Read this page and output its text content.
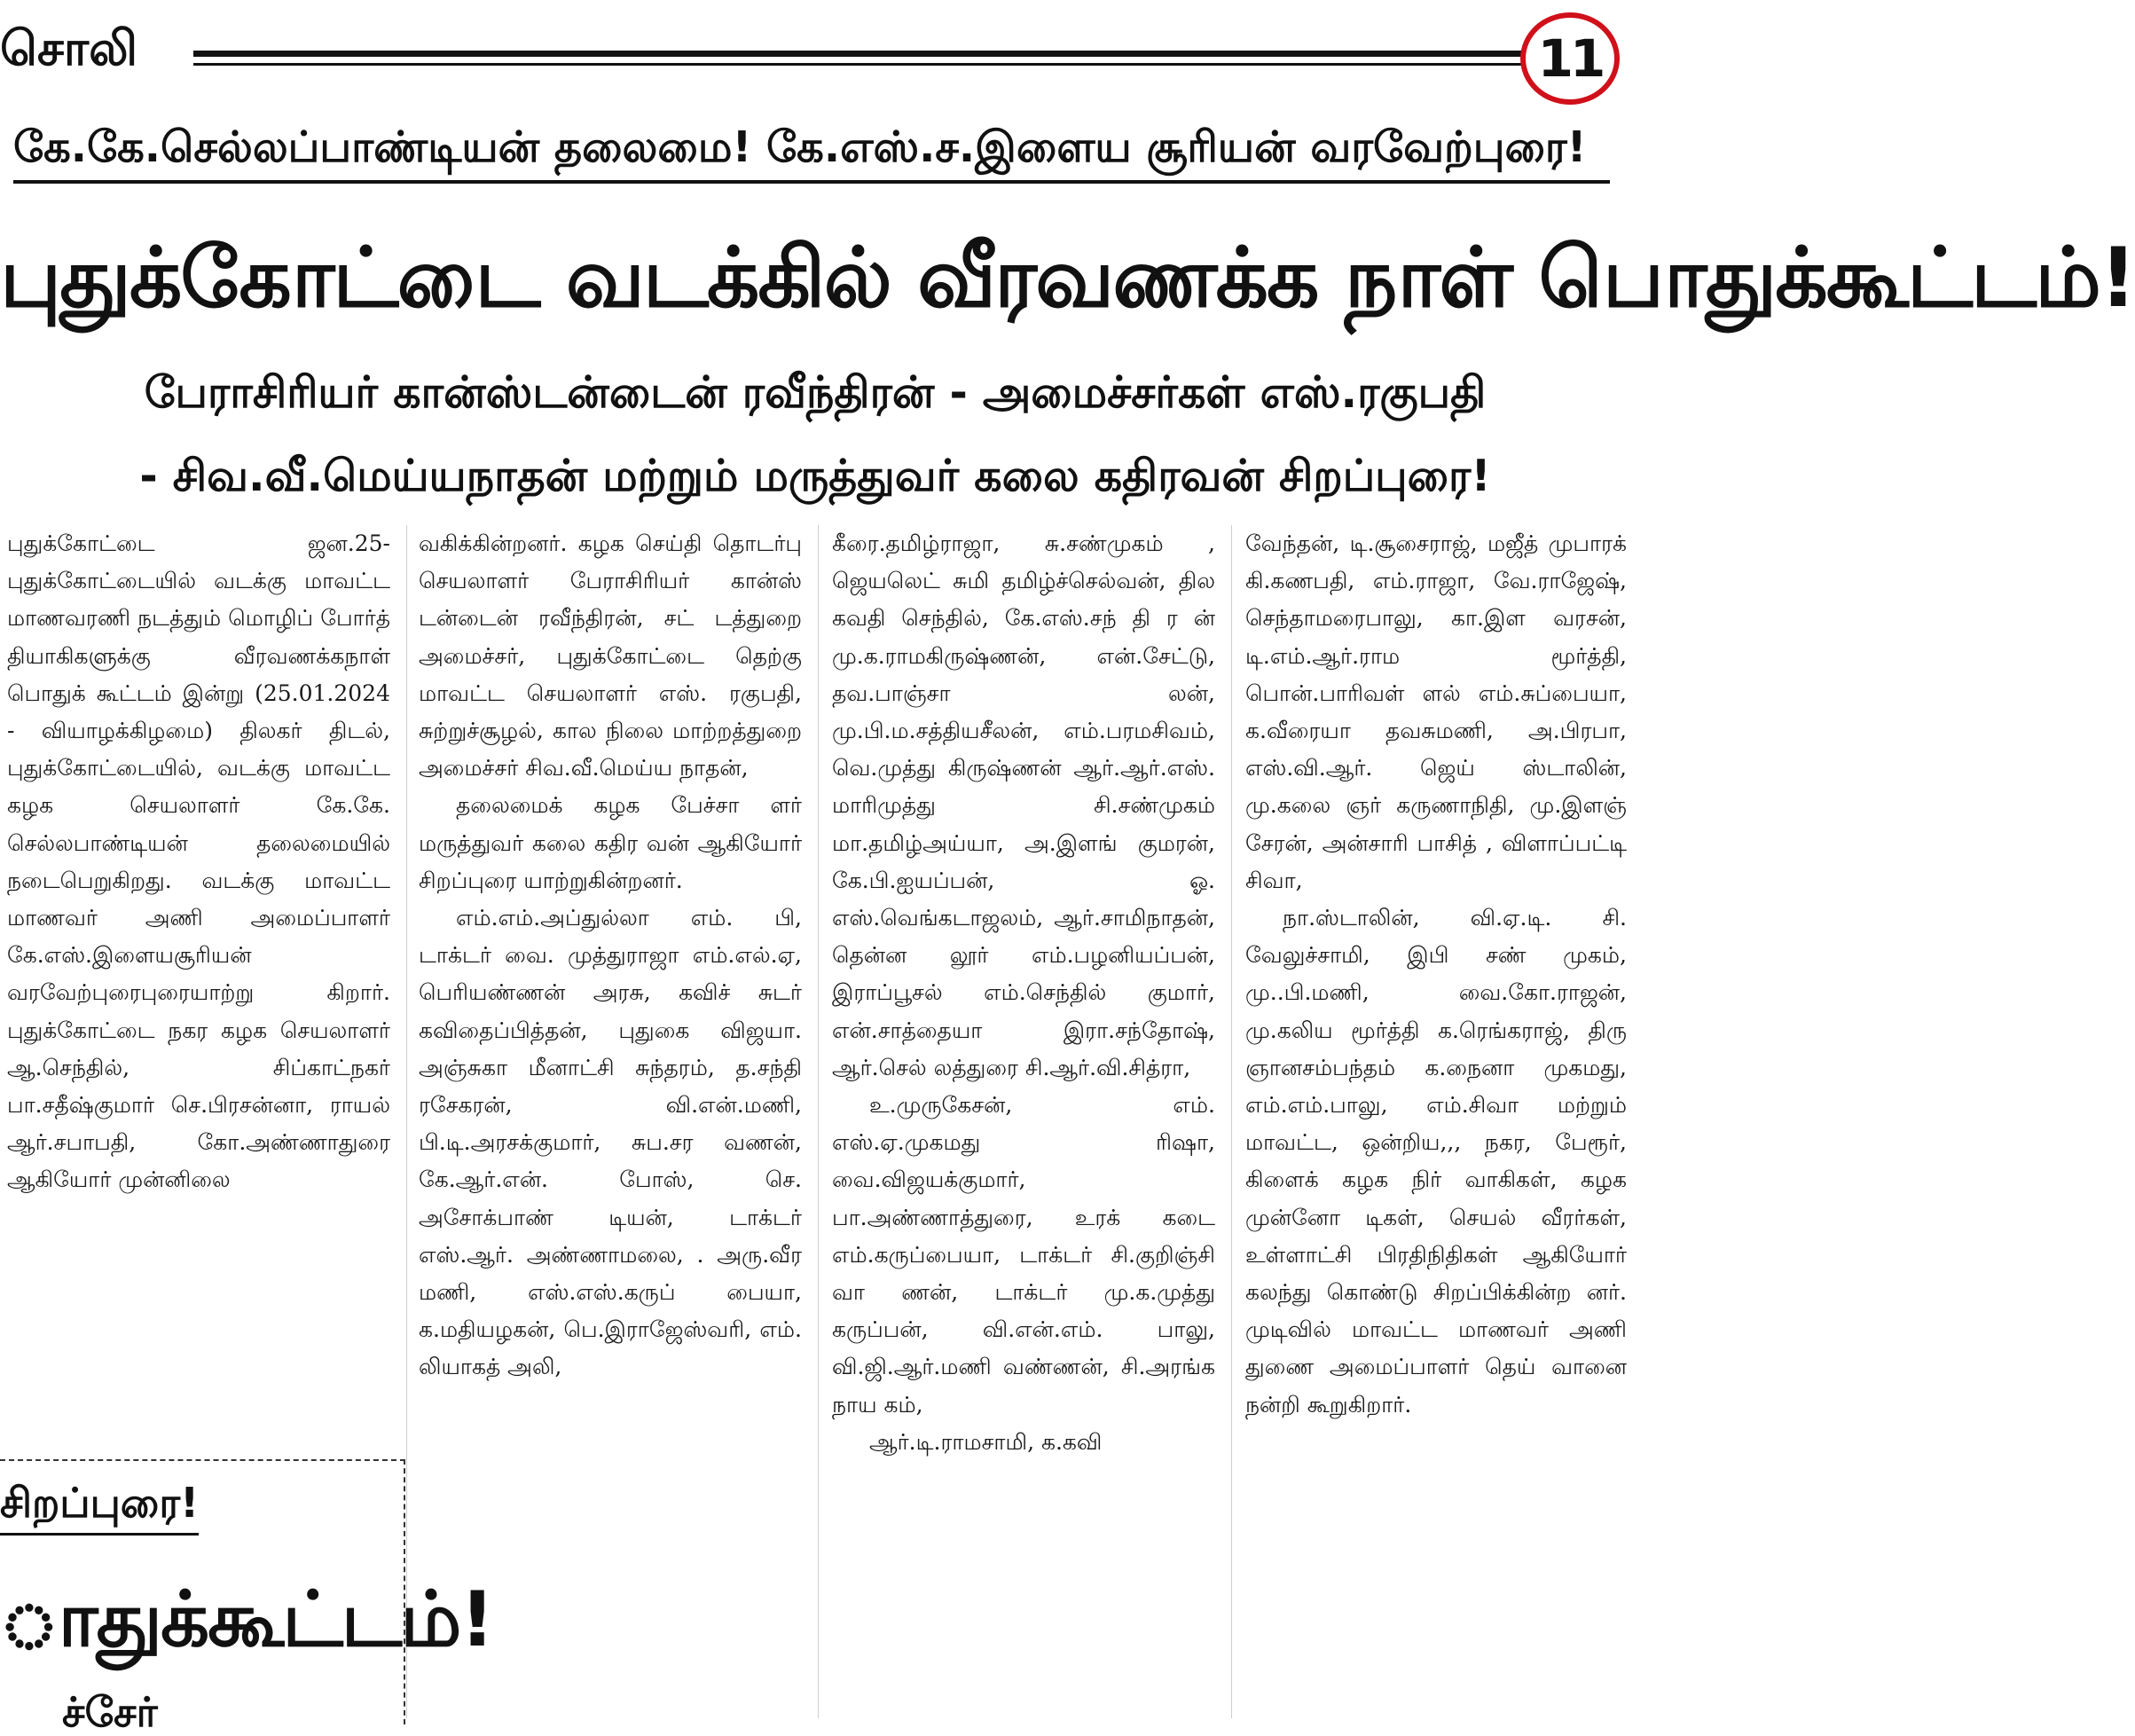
சொலி	11
கே.கே.செல்லப்பாண்டியன் தலைமை! கே.எஸ்.ச.இளைய சூரியன் வரவேற்புரை!
புதுக்கோட்டை வடக்கில் வீரவணக்க நாள் பொதுக்கூட்டம்!
பேராசிரியர் கான்ஸ்டன்டைன் ரவீந்திரன் - அமைச்சர்கள் எஸ்.ரகுபதி
- சிவ.வீ.மெய்யநாதன் மற்றும் மருத்துவர் கலை கதிரவன் சிறப்புரை!

புதுக்கோட்டை ஜன.25- புதுக்கோட்டையில் வடக்கு மாவட்ட மாணவரணி நடத்தும் மொழிப் போர்த் தியாகிகளுக்கு வீரவணக்கநாள் பொதுக் கூட்டம் இன்று (25.01.2024 - வியாழக்கிழமை) திலகர் திடல், புதுக்கோட்டையில், வடக்கு மாவட்ட கழக செயலாளர் கே.கே. செல்லபாண்டியன் தலைமையில் நடைபெறுகிறது. வடக்கு மாவட்ட மாணவர் அணி அமைப்பாளர் கே.எஸ்.இளையசூரியன் வரவேற்புரைபுரையாற்று கிறார். புதுக்கோட்டை நகர கழக செயலாளர் ஆ.செந்தில், சிப்காட்நகர் பா.சதீஷ்குமார் செ.பிரசன்னா, ராயல் ஆர்.சபாபதி, கோ.அண்ணாதுரை ஆகியோர் முன்னிலை

வகிக்கின்றனர். கழக செய்தி தொடர்பு செயலாளர் பேராசிரியர் கான்ஸ் டன்டைன் ரவீந்திரன், சட் டத்துறை அமைச்சர், புதுக்கோட்டை தெற்கு மாவட்ட செயலாளர் எஸ். ரகுபதி, சுற்றுச்சூழல், கால நிலை மாற்றத்துறை அமைச்சர் சிவ.வீ.மெய்ய நாதன்,

தலைமைக் கழக பேச்சா ளர் மருத்துவர் கலை கதிர வன் ஆகியோர் சிறப்புரை யாற்றுகின்றனர்.

எம்.எம்.அப்துல்லா எம். பி, டாக்டர் வை. முத்துராஜா எம்.எல்.ஏ, பெரியண்ணன் அரசு, கவிச் சுடர் கவிதைப்பித்தன், புதுகை விஜயா. அஞ்சுகா மீனாட்சி சுந்தரம், த.சந்தி ரசேகரன், வி.என்.மணி, பி.டி.அரசக்குமார், சுப.சர வணன், கே.ஆர்.என். போஸ், செ. அசோக்பாண் டியன், டாக்டர் எஸ்.ஆர். அண்ணாமலை, . அரு.வீர மணி, எஸ்.எஸ்.கருப் பையா, க.மதியழகன், பெ.இராஜேஸ்வரி, எம். லியாகத் அலி,

கீரை.தமிழ்ராஜா, சு.சண்முகம் , ஜெயலெட் சுமி தமிழ்ச்செல்வன், தில கவதி செந்தில், கே.எஸ்.சந் தி ர ன் மு.க.ராமகிருஷ்ணன், என்.சேட்டு, தவ.பாஞ்சா லன், மு.பி.ம.சத்தியசீலன், எம்.பரமசிவம், வெ.முத்து கிருஷ்ணன் ஆர்.ஆர்.எஸ். மாரிமுத்து சி.சண்முகம் மா.தமிழ்அய்யா, அ.இளங் குமரன், கே.பி.ஐயப்பன், ஓ. எஸ்.வெங்கடாஜலம், ஆர்.சாமிநாதன், தென்ன லூர் எம்.பழனியப்பன், இராப்பூசல் எம்.செந்தில் குமார், என்.சாத்தையா இரா.சந்தோஷ், ஆர்.செல் லத்துரை சி.ஆர்.வி.சித்ரா,

உ.முருகேசன், எம். எஸ்.ஏ.முகமது ரிஷா, வை.விஜயக்குமார், பா.அண்ணாத்துரை, உரக் கடை எம்.கருப்பையா, டாக்டர் சி.குறிஞ்சி வா ணன், டாக்டர் மு.க.முத்து கருப்பன், வி.என்.எம். பாலு, வி.ஜி.ஆர்.மணி வண்ணன், சி.அரங்க நாய கம்,

ஆர்.டி.ராமசாமி, க.கவி

வேந்தன், டி.சூசைராஜ், மஜீத் முபாரக் கி.கணபதி, எம்.ராஜா, வே.ராஜேஷ், செந்தாமரைபாலு, கா.இள வரசன், டி.எம்.ஆர்.ராம மூர்த்தி, பொன்.பாரிவள் ளல் எம்.சுப்பையா, க.வீரையா தவசுமணி, அ.பிரபா, எஸ்.வி.ஆர். ஜெய் ஸ்டாலின், மு.கலை ஞர் கருணாநிதி, மு.இளஞ் சேரன், அன்சாரி பாசித் , விளாப்பட்டி சிவா,

நா.ஸ்டாலின், வி.ஏ.டி. சி. வேலுச்சாமி, இபி சண் முகம், மு..பி.மணி, வை.கோ.ராஜன், மு.கலிய மூர்த்தி க.ரெங்கராஜ், திரு ஞானசம்பந்தம் க.நைனா முகமது, எம்.எம்.பாலு, எம்.சிவா மற்றும் மாவட்ட, ஒன்றிய,,, நகர, பேரூர், கிளைக் கழக நிர் வாகிகள், கழக முன்னோ டிகள், செயல் வீரர்கள், உள்ளாட்சி பிரதிநிதிகள் ஆகியோர் கலந்து கொண்டு சிறப்பிக்கின்ற னர். முடிவில் மாவட்ட மாணவர் அணி துணை அமைப்பாளர் தெய் வானை நன்றி கூறுகிறார்.

சிறப்புரை!
ாதுக்கூட்டம்!
ச்சேர்
